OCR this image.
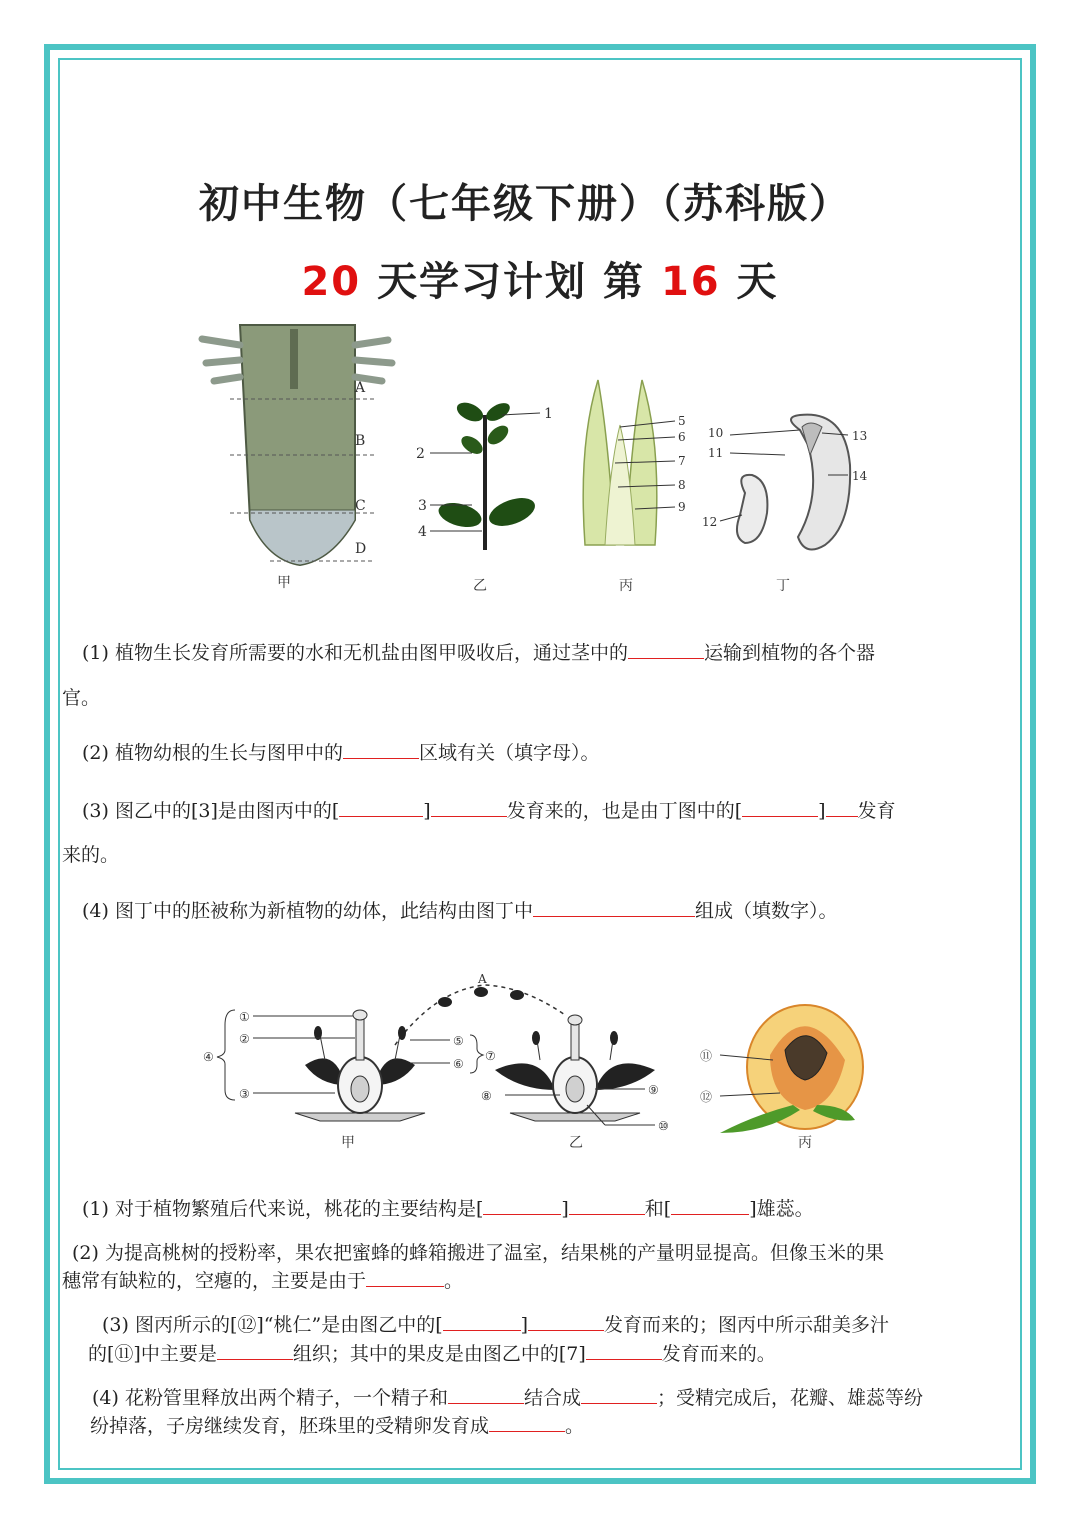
初中生物（七年级下册）（苏科版）
20 天学习计划 第 16 天
A
B
C
D
甲
1
2
3
4
乙
5
6
7
8
9
丙
10
11
12
13
14
丁
(1) 植物生长发育所需要的水和无机盐由图甲吸收后，通过茎中的	运输到植物的各个器
官。
(2) 植物幼根的生长与图甲中的	区域有关（填字母）。
(3) 图乙中的[3]是由图丙中的[	]	发育来的，也是由丁图中的[	] 发育
来的。
(4) 图丁中的胚被称为新植物的幼体，此结构由图丁中	组成（填数字）。
A
①
②
③
④
⑤
⑥
⑦
甲
⑧	⑨
⑩
乙
⑪
⑫
丙
(1) 对于植物繁殖后代来说，桃花的主要结构是[	]	和[	]雄蕊。
(2) 为提高桃树的授粉率，果农把蜜蜂的蜂箱搬进了温室，结果桃的产量明显提高。但像玉米的果
穗常有缺粒的，空瘪的，主要是由于	。
(3) 图丙所示的[⑫]“桃仁”是由图乙中的[	]	发育而来的；图丙中所示甜美多汁
的[⑪]中主要是	组织；其中的果皮是由图乙中的[7]	发育而来的。
(4) 花粉管里释放出两个精子，一个精子和	结合成	；受精完成后，花瓣、雄蕊等纷
纷掉落，子房继续发育，胚珠里的受精卵发育成	。
